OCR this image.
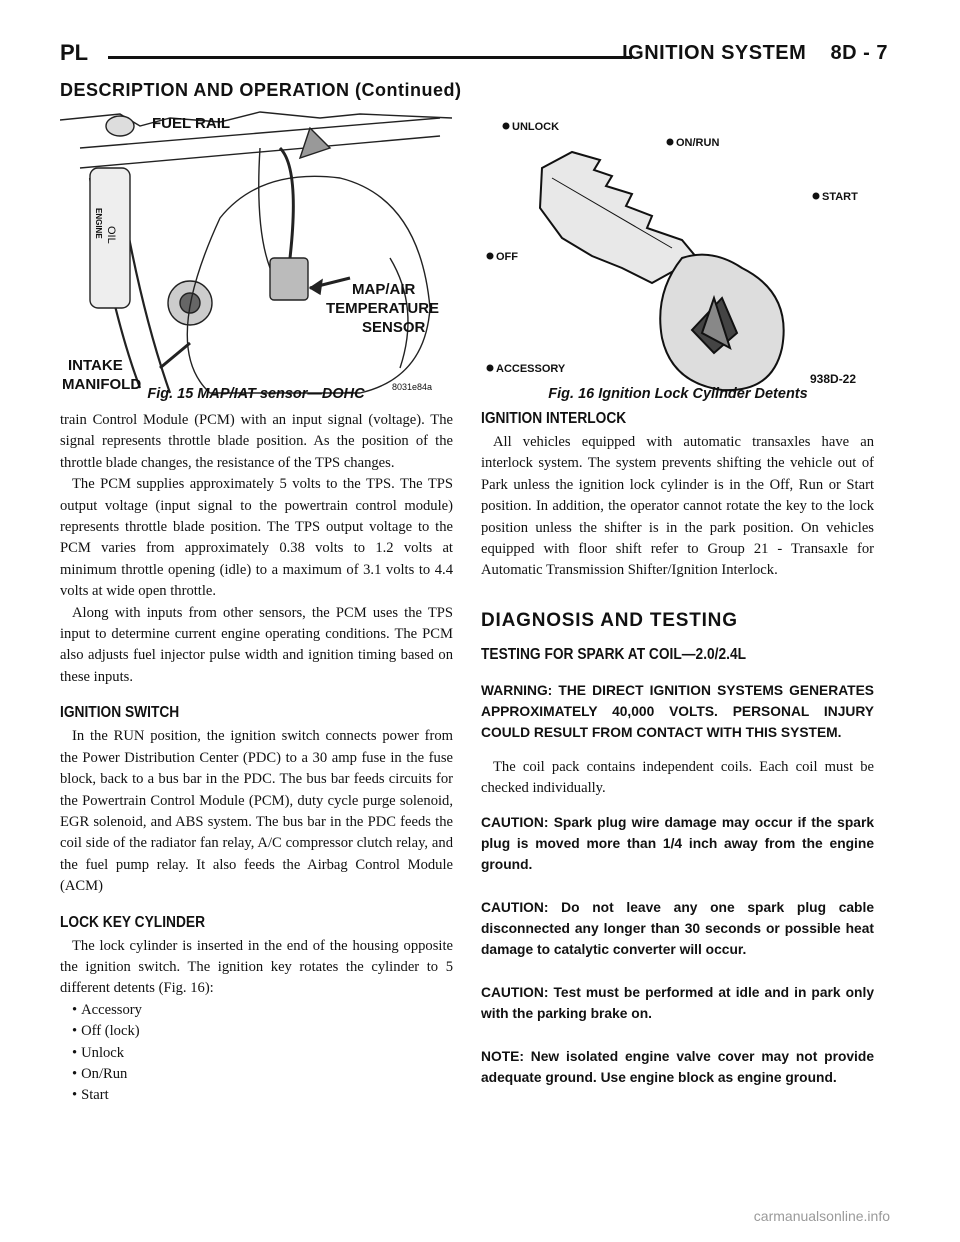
PL	IGNITION SYSTEM    8D - 7
DESCRIPTION AND OPERATION (Continued)
FUEL RAIL
MAP/AIR
TEMPERATURE
SENSOR
INTAKE
MANIFOLD
ENGINE OIL
8031e84a
Fig. 15 MAP/IAT sensor—DOHC
UNLOCK
ON/RUN
START
OFF
ACCESSORY
938D-22
Fig. 16 Ignition Lock Cylinder Detents

train Control Module (PCM) with an input signal (voltage). The signal represents throttle blade position. As the position of the throttle blade changes, the resistance of the TPS changes.

The PCM supplies approximately 5 volts to the TPS. The TPS output voltage (input signal to the powertrain control module) represents throttle blade position. The TPS output voltage to the PCM varies from approximately 0.38 volts to 1.2 volts at minimum throttle opening (idle) to a maximum of 3.1 volts to 4.4 volts at wide open throttle.

Along with inputs from other sensors, the PCM uses the TPS input to determine current engine operating conditions. The PCM also adjusts fuel injector pulse width and ignition timing based on these inputs.

IGNITION SWITCH

In the RUN position, the ignition switch connects power from the Power Distribution Center (PDC) to a 30 amp fuse in the fuse block, back to a bus bar in the PDC. The bus bar feeds circuits for the Powertrain Control Module (PCM), duty cycle purge solenoid, EGR solenoid, and ABS system. The bus bar in the PDC feeds the coil side of the radiator fan relay, A/C compressor clutch relay, and the fuel pump relay. It also feeds the Airbag Control Module (ACM)

LOCK KEY CYLINDER

The lock cylinder is inserted in the end of the housing opposite the ignition switch. The ignition key rotates the cylinder to 5 different detents (Fig. 16):

• Accessory
• Off (lock)
• Unlock
• On/Run
• Start
IGNITION INTERLOCK

All vehicles equipped with automatic transaxles have an interlock system. The system prevents shifting the vehicle out of Park unless the ignition lock cylinder is in the Off, Run or Start position. In addition, the operator cannot rotate the key to the lock position unless the shifter is in the park position. On vehicles equipped with floor shift refer to Group 21 - Transaxle for Automatic Transmission Shifter/Ignition Interlock.

DIAGNOSIS AND TESTING
TESTING FOR SPARK AT COIL—2.0/2.4L

WARNING: THE DIRECT IGNITION SYSTEMS GENERATES APPROXIMATELY 40,000 VOLTS. PERSONAL INJURY COULD RESULT FROM CONTACT WITH THIS SYSTEM.

The coil pack contains independent coils. Each coil must be checked individually.

CAUTION: Spark plug wire damage may occur if the spark plug is moved more than 1/4 inch away from the engine ground.

CAUTION: Do not leave any one spark plug cable disconnected any longer than 30 seconds or possible heat damage to catalytic converter will occur.

CAUTION: Test must be performed at idle and in park only with the parking brake on.

NOTE: New isolated engine valve cover may not provide adequate ground. Use engine block as engine ground.

carmanualsonline.info
